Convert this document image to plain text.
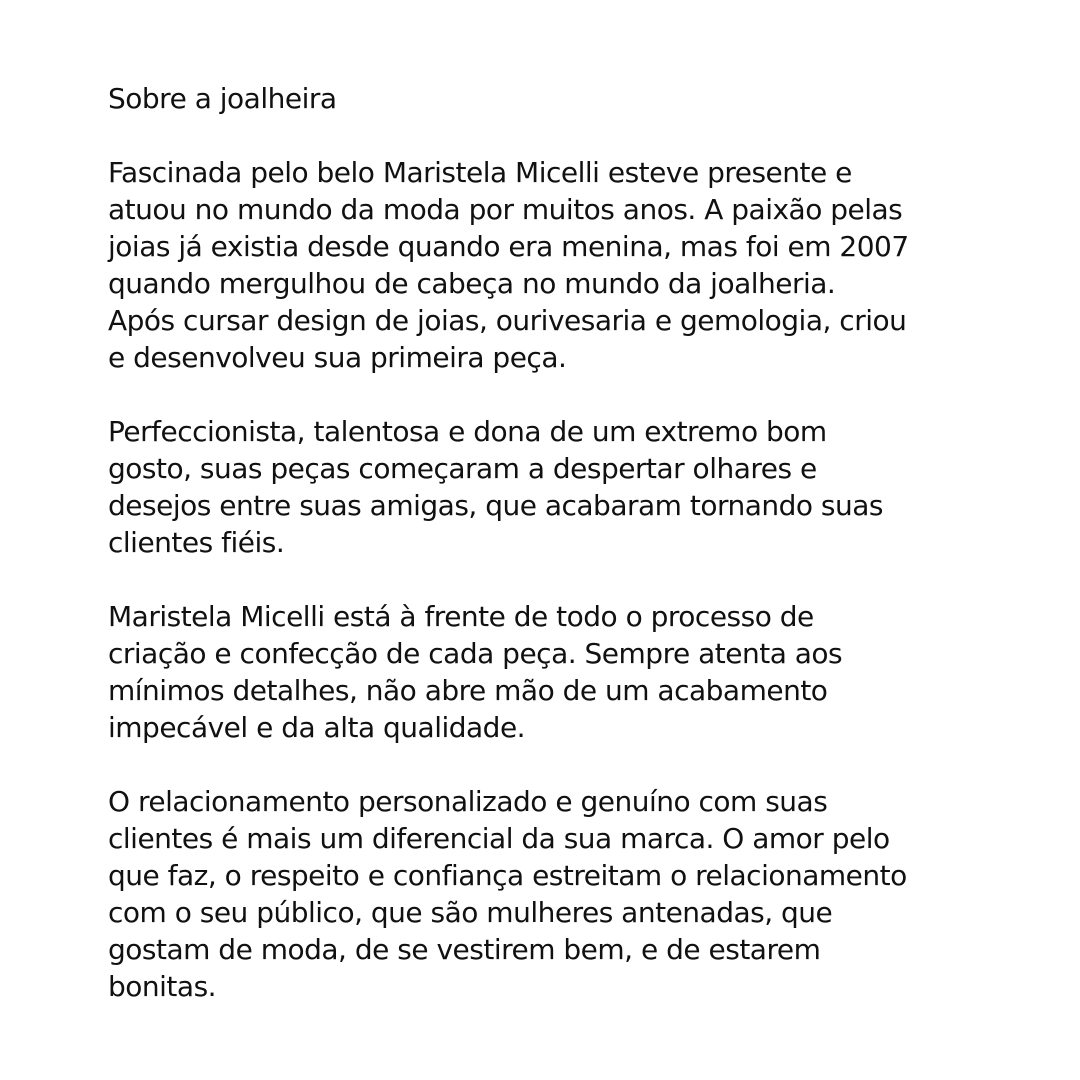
Sobre a joalheira

Fascinada pelo belo Maristela Micelli esteve presente e
atuou no mundo da moda por muitos anos. A paixão pelas
joias já existia desde quando era menina, mas foi em 2007
quando mergulhou de cabeça no mundo da joalheria.
Após cursar design de joias, ourivesaria e gemologia, criou
e desenvolveu sua primeira peça.

Perfeccionista, talentosa e dona de um extremo bom
gosto, suas peças começaram a despertar olhares e
desejos entre suas amigas, que acabaram tornando suas
clientes fiéis.

Maristela Micelli está à frente de todo o processo de
criação e confecção de cada peça. Sempre atenta aos
mínimos detalhes, não abre mão de um acabamento
impecável e da alta qualidade.

O relacionamento personalizado e genuíno com suas
clientes é mais um diferencial da sua marca. O amor pelo
que faz, o respeito e confiança estreitam o relacionamento
com o seu público, que são mulheres antenadas, que
gostam de moda, de se vestirem bem, e de estarem
bonitas.
